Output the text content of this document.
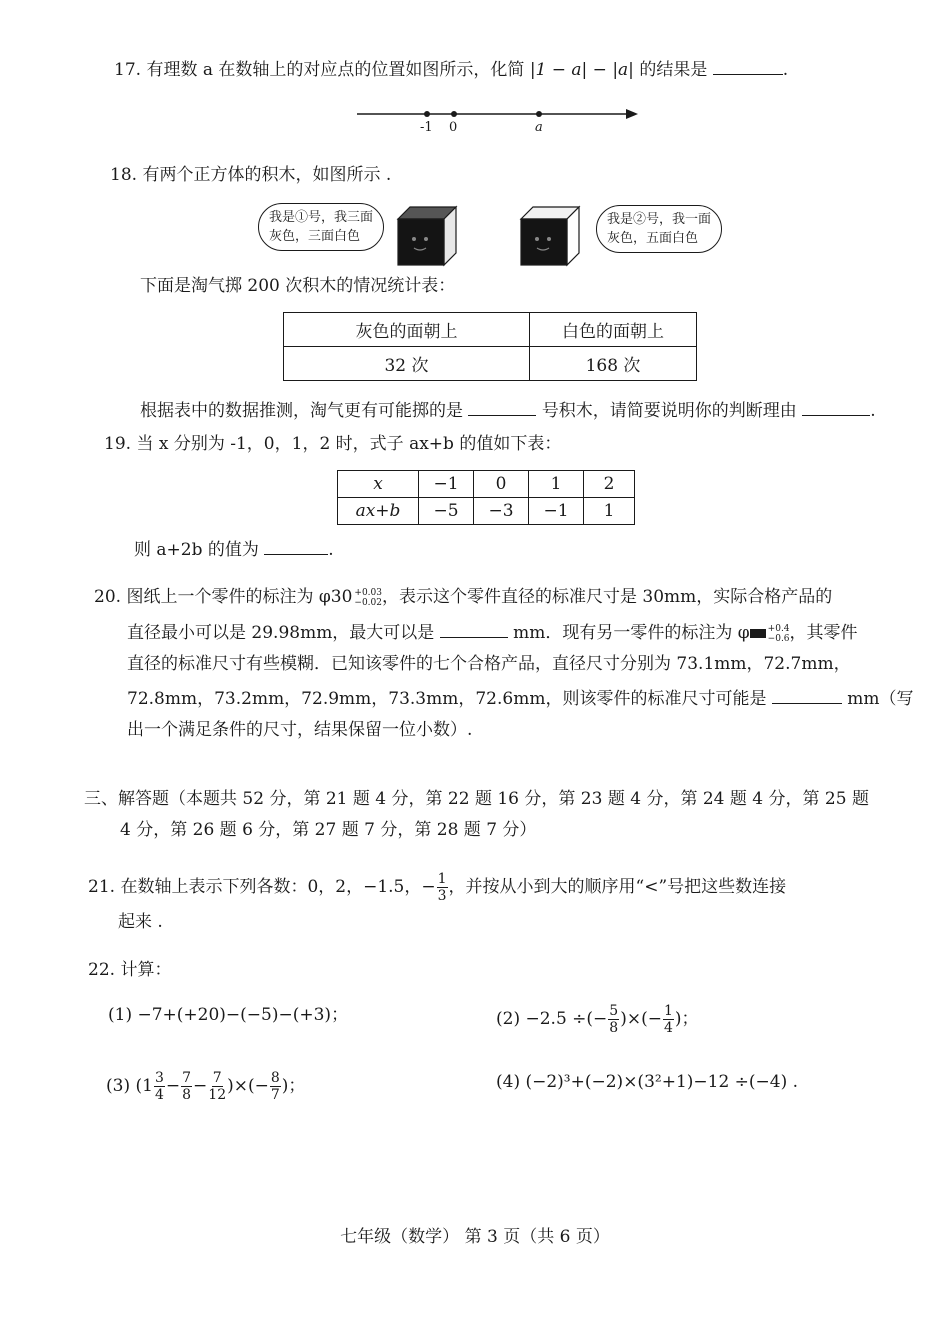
17. 有理数 a 在数轴上的对应点的位置如图所示，化简 |1 − a| − |a| 的结果是	.
-1 0	a
18. 有两个正方体的积木，如图所示 .
我是①号，我三面
灰色，三面白色
我是②号，我一面
灰色，五面白色
下面是淘气掷 200 次积木的情况统计表：
灰色的面朝上	白色的面朝上
32 次	168 次
根据表中的数据推测，淘气更有可能掷的是	号积木，请简要说明你的判断理由	.
19. 当 x 分别为 -1，0，1，2 时，式子 ax+b 的值如下表：
x	−1	0	1	2
ax+b	−5	−3	−1	1
则 a+2b 的值为	.
20. 图纸上一个零件的标注为 φ30 +0.03
−0.02 ，表示这个零件直径的标准尺寸是 30mm，实际合格产品的
直径最小可以是 29.98mm，最大可以是	mm．现有另一零件的标注为 φ +0.4
−0.6 ，其零件
直径的标准尺寸有些模糊．已知该零件的七个合格产品，直径尺寸分别为 73.1mm，72.7mm，
72.8mm，73.2mm，72.9mm，73.3mm，72.6mm，则该零件的标准尺寸可能是	mm（写
出一个满足条件的尺寸，结果保留一位小数）.
三、解答题（本题共 52 分，第 21 题 4 分，第 22 题 16 分，第 23 题 4 分，第 24 题 4 分，第 25 题
4 分，第 26 题 6 分，第 27 题 7 分，第 28 题 7 分）
21. 在数轴上表示下列各数：0，2，−1.5，− $\frac{1}{3}$ ，并按从小到大的顺序用“<”号把这些数连接
起来 .
22. 计算：
(1) −7+(+20)−(−5)−(+3)；	(2) −2.5 ÷(− $\frac{5}{8}$ )×(− $\frac{1}{4}$ )；
(3) ($1 \frac{3}{4} - \frac{7}{8} - \frac{7}{12}$ )×(− $\frac{8}{7}$ )；	(4) (−2)³+(−2)×(3²+1)−12 ÷(−4) .
七年级（数学） 第 3 页（共 6 页）
